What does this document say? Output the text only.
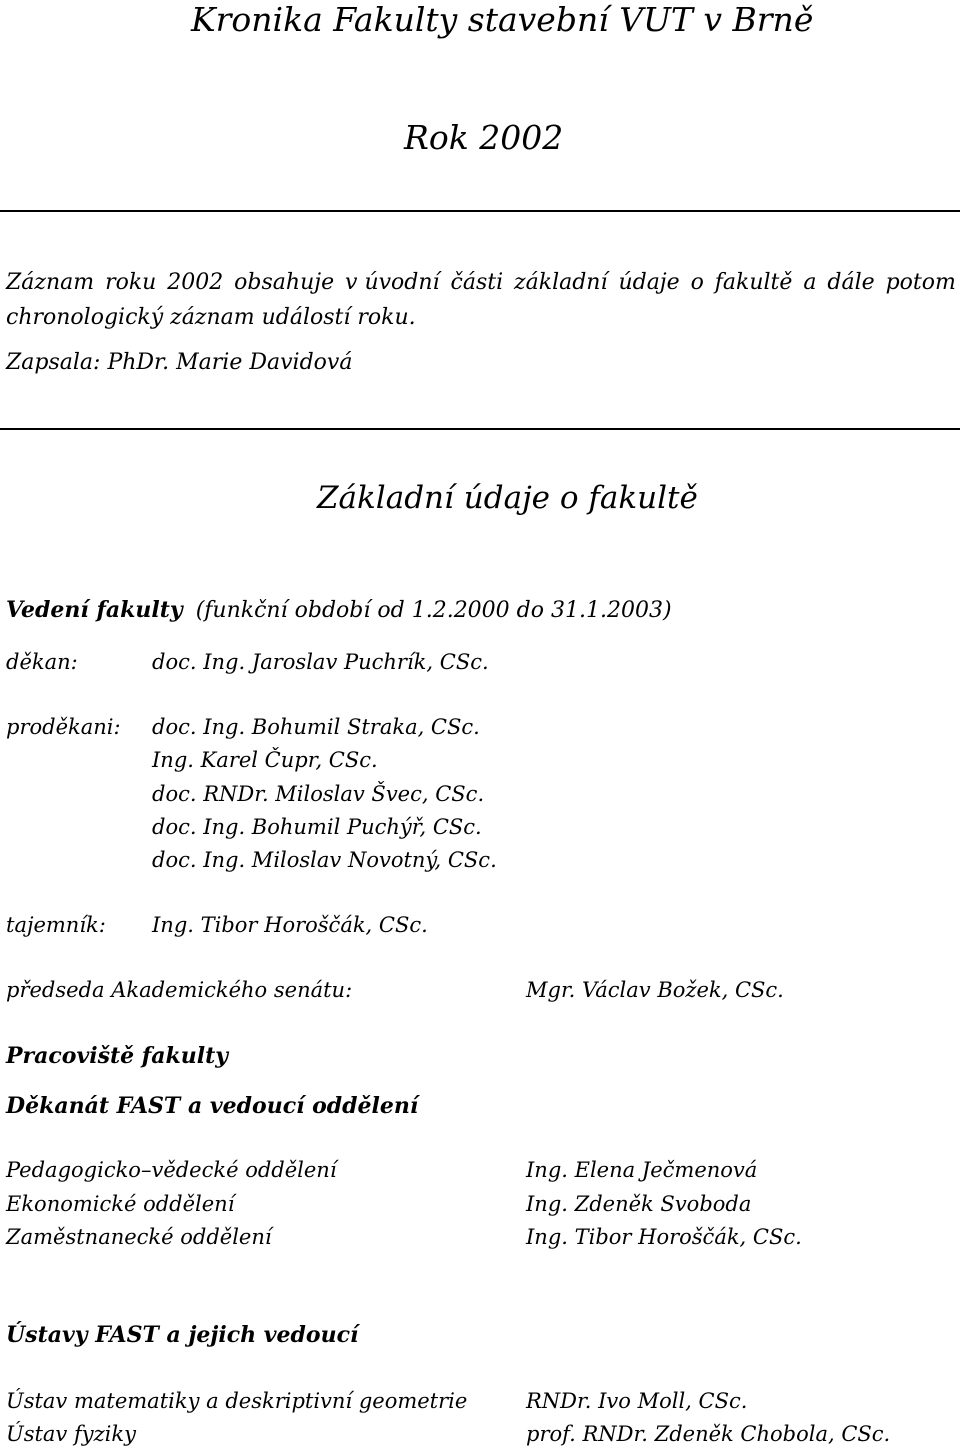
Kronika Fakulty stavební VUT v Brně
Rok 2002
Záznam roku 2002 obsahuje v úvodní části základní údaje o fakultě a dále potom
chronologický záznam událostí roku.
Zapsala: PhDr. Marie Davidová
Základní údaje o fakultě
Vedení fakulty (funkční období od 1.2.2000 do 31.1.2003)
děkan:	doc. Ing. Jaroslav Puchrík, CSc.
proděkani: doc. Ing. Bohumil Straka, CSc.
Ing. Karel Čupr, CSc.
doc. RNDr. Miloslav Švec, CSc.
doc. Ing. Bohumil Puchýř, CSc.
doc. Ing. Miloslav Novotný, CSc.
tajemník: Ing. Tibor Horoščák, CSc.
předseda Akademického senátu:	Mgr. Václav Božek, CSc.
Pracoviště fakulty
Děkanát FAST a vedoucí oddělení
Pedagogicko–vědecké oddělení	Ing. Elena Ječmenová
Ekonomické oddělení	Ing. Zdeněk Svoboda
Zaměstnanecké oddělení	Ing. Tibor Horoščák, CSc.
Ústavy FAST a jejich vedoucí
Ústav matematiky a deskriptivní geometrie	RNDr. Ivo Moll, CSc.
Ústav fyziky	prof. RNDr. Zdeněk Chobola, CSc.
